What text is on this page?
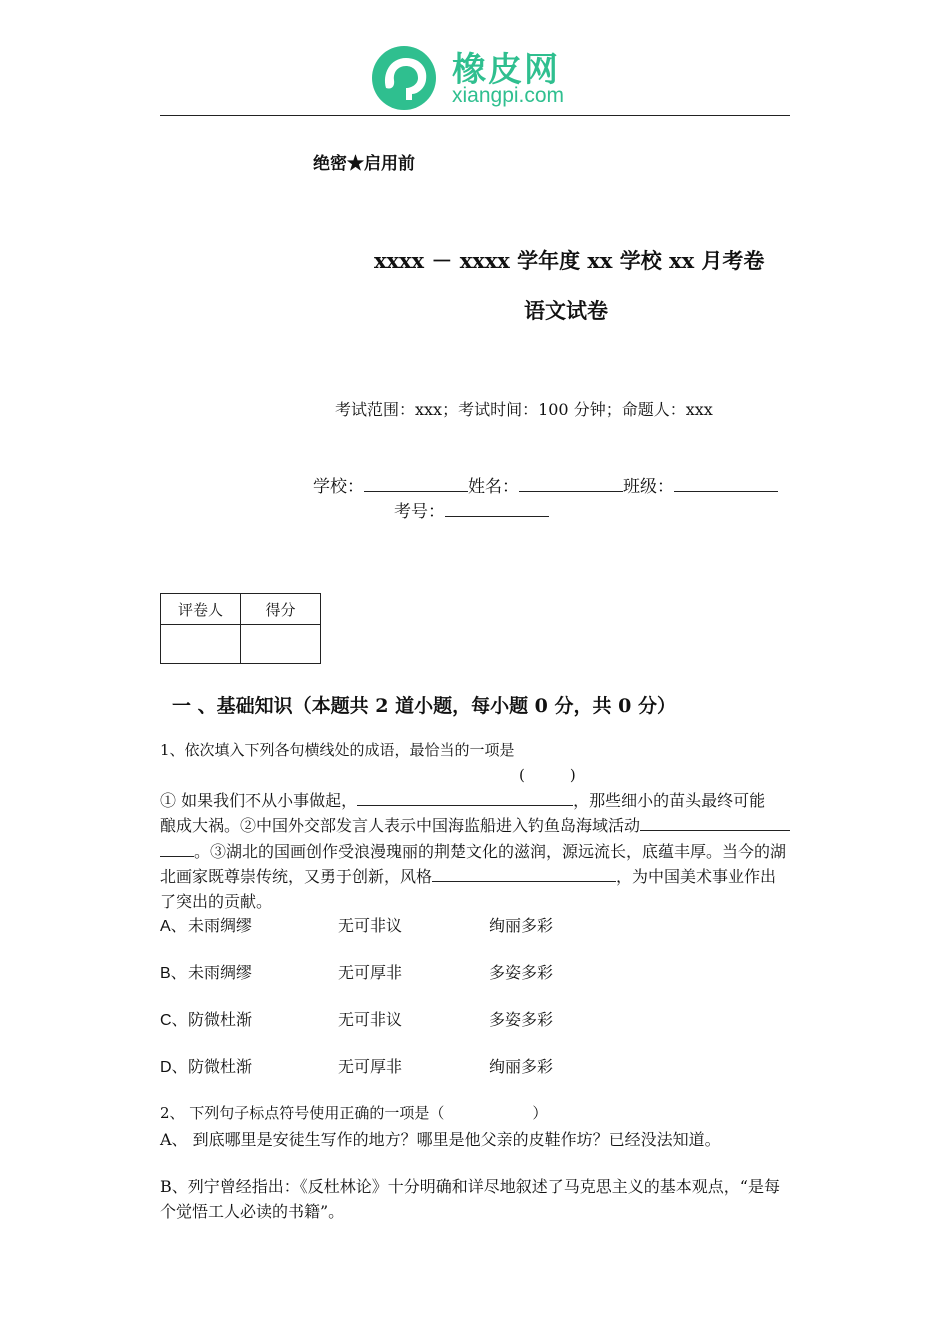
橡皮网
xiangpi.com
绝密★启用前
xxxx － xxxx 学年度 xx 学校 xx 月考卷
语文试卷
考试范围：xxx；考试时间：100 分钟；命题人：xxx
学校：	姓名：	班级：
考号：
评卷人	得分

一 、基础知识（本题共 2 道小题，每小题 0 分，共 0 分）
1、依次填入下列各句横线处的成语，最恰当的一项是
(　　　)
① 如果我们不从小事做起，	，那些细小的苗头最终可能
酿成大祸。②中国外交部发言人表示中国海监船进入钓鱼岛海域活动
。③湖北的国画创作受浪漫瑰丽的荆楚文化的滋润，源远流长，底蕴丰厚。当今的湖
北画家既尊崇传统，又勇于创新，风格	，为中国美术事业作出
了突出的贡献。
A、未雨绸缪	无可非议	绚丽多彩
B、未雨绸缪	无可厚非	多姿多彩
C、防微杜渐	无可非议	多姿多彩
D、防微杜渐	无可厚非	绚丽多彩
2、 下列句子标点符号使用正确的一项是（	）
A、 到底哪里是安徒生写作的地方？哪里是他父亲的皮鞋作坊？已经没法知道。
B、列宁曾经指出：《反杜林论》十分明确和详尽地叙述了马克思主义的基本观点，“是每
个觉悟工人必读的书籍”。
